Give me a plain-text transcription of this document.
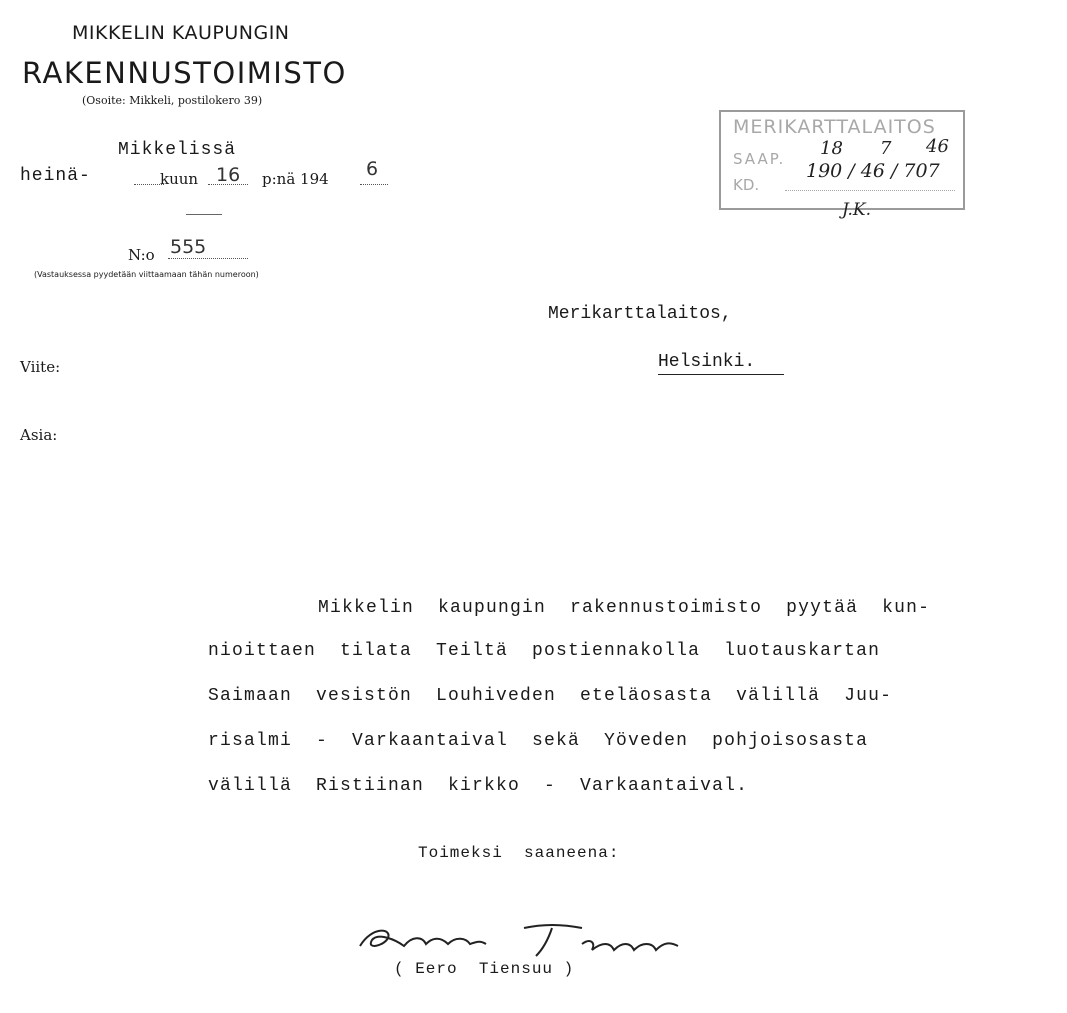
MIKKELIN KAUPUNGIN
RAKENNUSTOIMISTO
(Osoite: Mikkeli, postilokero 39)
Mikkelissä
heinä-	kuun 16 p:nä 194 6
N:o 555
(Vastauksessa pyydetään viittaamaan tähän numeroon)
Viite:
Asia:
MERIKARTTALAITOS
SAAP.
KD.
18 7 46
190 / 46 / 707
J.K.
Merikarttalaitos,
Helsinki.
Mikkelin  kaupungin  rakennustoimisto  pyytää  kun-
nioittaen  tilata  Teiltä  postiennakolla  luotauskartan
Saimaan  vesistön  Louhiveden  eteläosasta  välillä  Juu-
risalmi  -  Varkaantaival  sekä  Yöveden  pohjoisosasta
välillä  Ristiinan  kirkko  -  Varkaantaival.
Toimeksi  saaneena:
( Eero  Tiensuu )
